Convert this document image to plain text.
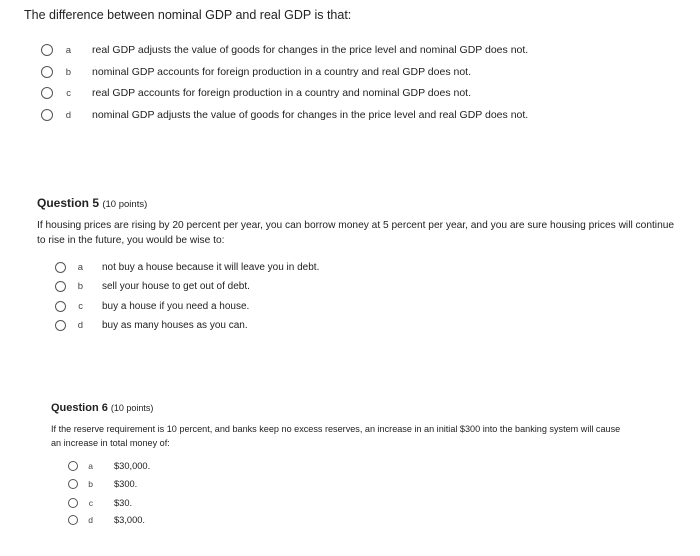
The difference between nominal GDP and real GDP is that:
a real GDP adjusts the value of goods for changes in the price level and nominal GDP does not.
b nominal GDP accounts for foreign production in a country and real GDP does not.
c real GDP accounts for foreign production in a country and nominal GDP does not.
d nominal GDP adjusts the value of goods for changes in the price level and real GDP does not.
Question 5 (10 points)
If housing prices are rising by 20 percent per year, you can borrow money at 5 percent per year, and you are sure housing prices will continue
to rise in the future, you would be wise to:
a not buy a house because it will leave you in debt.
b sell your house to get out of debt.
c buy a house if you need a house.
d buy as many houses as you can.
Question 6 (10 points)
If the reserve requirement is 10 percent, and banks keep no excess reserves, an increase in an initial $300 into the banking system will cause
an increase in total money of:
a $30,000.
b $300.
c $30.
d $3,000.
